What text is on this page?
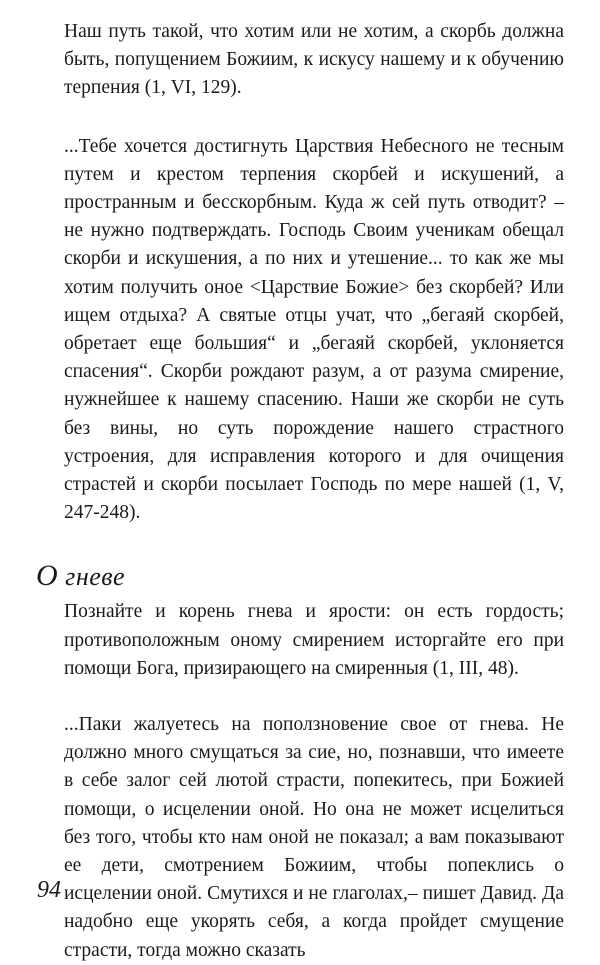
Наш путь такой, что хотим или не хотим, а скорбь должна быть, попущением Божиим, к искусу нашему и к обучению терпения (1, VI, 129).

...Тебе хочется достигнуть Царствия Небесного не тесным путем и крестом терпения скорбей и искушений, а пространным и бесскорбным. Куда ж сей путь отводит? – не нужно подтверждать. Господь Своим ученикам обещал скорби и искушения, а по них и утешение... то как же мы хотим получить оное <Царствие Божие> без скорбей? Или ищем отдыха? А святые отцы учат, что „бегаяй скорбей, обретает еще большия“ и „бегаяй скорбей, уклоняется спасения“. Скорби рождают разум, а от разума смирение, нужнейшее к нашему спасению. Наши же скорби не суть без вины, но суть порождение нашего страстного устроения, для исправления которого и для очищения страстей и скорби посылает Господь по мере нашей (1, V, 247-248).

О гневе

Познайте и корень гнева и ярости: он есть гордость; противоположным оному смирением исторгайте его при помощи Бога, призирающего на смиренныя (1, III, 48).

...Паки жалуетесь на поползновение свое от гнева. Не должно много смущаться за сие, но, познавши, что имеете в себе залог сей лютой страсти, попекитесь, при Божией помощи, о исцелении оной. Но она не может исцелиться без того, чтобы кто нам оной не показал; а вам показывают ее дети, смотрением Божиим, чтобы попеклись о исцелении оной. Смутихся и не глаголах,– пишет Давид. Да надобно еще укорять себя, а когда пройдет смущение страсти, тогда можно сказать

94
